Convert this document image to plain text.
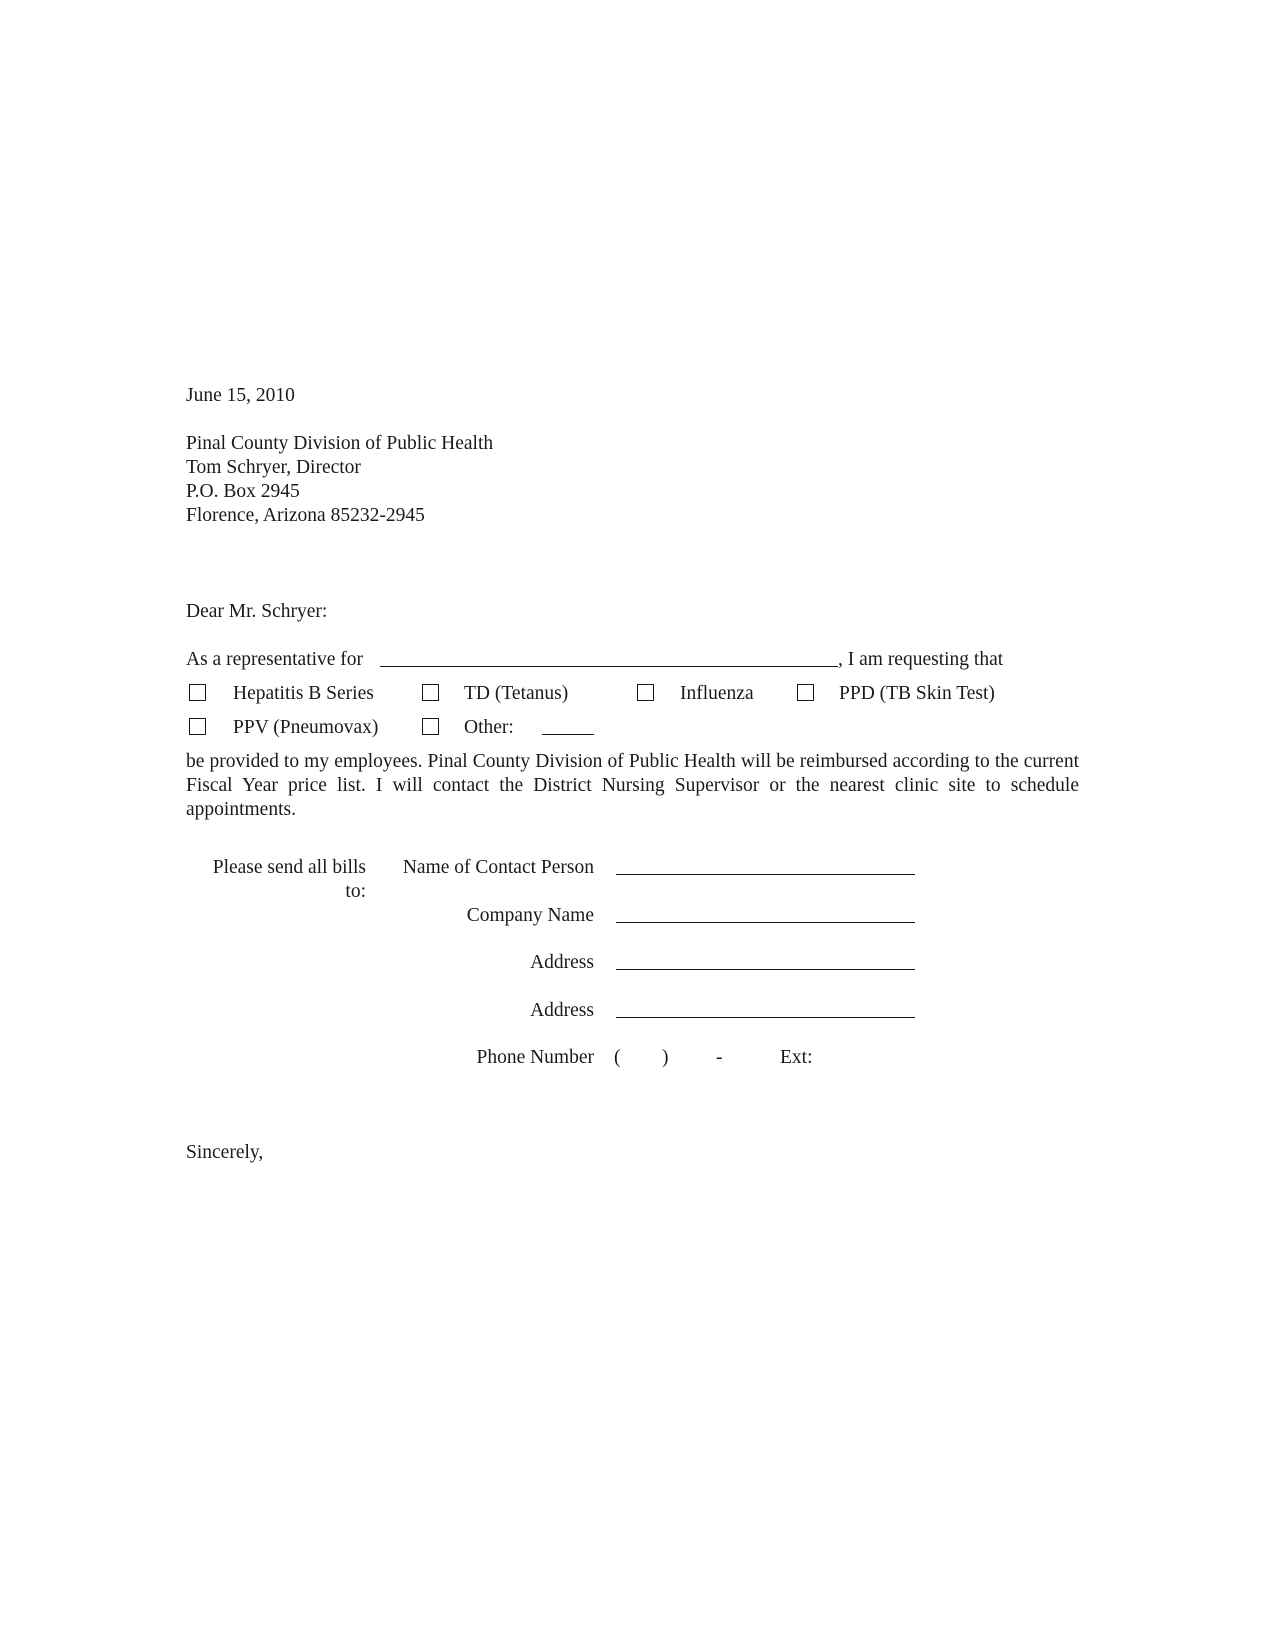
June 15, 2010
Pinal County Division of Public Health
Tom Schryer, Director
P.O. Box 2945
Florence, Arizona 85232-2945
Dear Mr. Schryer:
As a representative for	, I am requesting that
Hepatitis B Series	TD (Tetanus)	Influenza	PPD (TB Skin Test)
PPV (Pneumovax)	Other:
be provided to my employees. Pinal County Division of Public Health will be reimbursed according to the current Fiscal Year price list. I will contact the District Nursing Supervisor or the nearest clinic site to schedule appointments.
Please send all bills
to:
Name of Contact Person
Company Name
Address
Address
Phone Number ( ) -	Ext:
Sincerely,
